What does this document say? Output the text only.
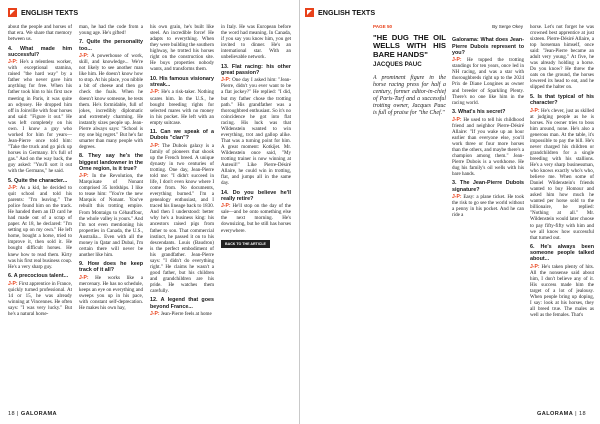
ENGLISH TEXTS

about the people and horses of that era. We share that memory between us.

4. What made him successful?

J-P: He's a relentless worker, with exceptional stamina, raised "the hard way" by a father who never gave him anything for free. When his father took him to his first race meeting in Paris, it was quite an odyssey. He dropped him off in Joinville with four horses and said: "Figure it out." He was left completely on his own. I know a guy who worked for him for years—Jean-Pierre once told him: "Take the truck and go pick up horses in Germany. It's full of gas." And on the way back, the guy asked: "You'll sort it out with the Germans," he said.

5. Quite the character...

J-P: As a kid, he decided to quit school and told his parents: "I'm leaving." The police found him on the track. He handed them an ID card he had made out of a scrap of paper. At 18, he declared: "I'm setting up on my own." He left home, bought a horse, tried to improve it, then sold it. He bought difficult horses. He knew how to read them. Kirty was his first real business coup. He's a very sharp guy.

6. A precocious talent...

J-P: First apprentice in France, quickly turned professional. At 14 or 15, he was already winning at Vincennes. He often says: "I was very lucky." But he's a natural horse-

man, he had the code from a young age. He's gifted!

7. Quite the personality too...

J-P: A powerhouse of work, skill, and knowledge... We're not likely to see another man like him. He doesn't know how to stop. At his place, you nibble a bit of cheese and then go check the foals. When he doesn't know someone, he tests them. He's formidable, full of jokes, incredibly diplomatic and extremely charming. He instantly sizes people up. Jean-Pierre always says: "School is my one big regret." But he's far smarter than many people with degrees.

8. They say he's the biggest landowner in the Orne region, is it true?

J-P: In the Revolution, the Marquisate of Nonant comprised 35 lordships. I like to tease him: "You're the new Marquis of Nonant. You've rebuilt this trotting empire. From Montaigu to Céhauffour, the whole valley is yours." And I'm not even mentioning his properties in Canada, the U.S., Australia... Even with all the money in Qatar and Dubai, I'm certain there will never be another like him.

9. How does he keep track of it all?

J-P: He works like a mercenary. He has no schedule, keeps an eye on everything and sweeps you up in his pace, with constant self-deprecation. He makes his own hay,

his own grain, he's built like steel. An incredible force! He adapts to everything. When they were building the southern highway, he trotted his horses right on the construction site. He buys properties nobody wants, and transforms them.

10. His famous visionary streak...

J-P: He's a risk-taker. Nothing scares him. In the U.S., he bought breeding rights for selected mares with no money in his pocket. He left with an empty suitcase.

11. Can we speak of a Dubois "clan"?

J-P: The Dubois galaxy is a family of pioneers that shook up the French breed. A unique dynasty in two centuries of trotting. One day, Jean-Pierre told me: "I didn't succeed in life, I don't even know where I come from. No documents, everything burned." I'm a genealogy enthusiast, and I traced his lineage back to 1830. And then I understood: better why he's a business king: his ancestors raised pigs from father to son. That commercial instinct, he passed it on to his descendants. Louis (Baudron) is the perfect embodiment of his grandfather. Jean-Pierre says: "I didn't do everything right." He claims he wasn't a good father, but his children and grandchildren are his pride. He watches them carefully.

12. A legend that goes beyond France...

J-P: Jean-Pierre feels at home

in Italy. He was European before the word had meaning. In Canada, if you say you know him, you get invited to dinner. He's an international star. With an unbelievable network.

13. Flat racing: his other great passion?

J-P: One day I asked him: "Jean-Pierre, didn't you ever want to be a flat jockey?" He replied: "I did, but my father chose the trotting path." His grandfather was a thoroughbred enthusiast. So it's no coincidence he got into flat racing. His luck was that Wildenstein wanted to win everything, trot and gallop alike. That was a turning point for him. A great moment: Kotkijet. Mr. Wildenstein once said, "My trotting trainer is now winning at Auteuil!" Like Pierre-Désiré Allaire, he could win in trotting, flat, and jumps all in the same day.

14. Do you believe he'll really retire?

J-P: He'll stop on the day of the sale—and be onto something else the next morning. He's downsizing, but he still has horses everywhere.

BACK TO THE ARTICLE
18 | GALORAMA
ENGLISH TEXTS
PAGE 50	By Serge Okey
"HE DUG THE OIL WELLS WITH HIS BARE HANDS"
JACQUES PAUC

A prominent figure in the horse racing press for half a century, former editor-in-chief of Paris-Turf and a successful trotting owner, Jacques Pauc is full of praise for "the Chef."

Galorama: What does Jean-Pierre Dubois represent to you?

J-P: He topped the trotting standings for ten years, once led in NH racing, and was a star with thoroughbreds right up to the 2024 Prix de Diane Longines as owner and breeder of Sparkling Plenty. There's no one like him in the racing world.

3. What's his secret?

J-P: He used to tell his childhood friend and neighbor Pierre-Désiré Allaire: "If you wake up an hour earlier than everyone else, you'll work three or four more horses than the others, and maybe there's a champion among them." Jean-Pierre Dubois is a workhorse. He dug his family's oil wells with his bare hands.

3. The Jean-Pierre Dubois signature?

J-P: Easy: a plane ticket. He took the risk to go see the world without a penny in his pocket. And he can ride a

horse. Let's not forget he was crowned best apprentice at just sixteen. Pierre-Désiré Allaire, a top horseman himself, once said: "Jean-Pierre became an adult very young." At five, he was already holding a horse. Do you know? He threw the oats on the ground, the horses lowered its head to eat, and he slipped the halter on.

5. Is that typical of his character?

J-P: He's clever, just as skilled at judging people as he is horses. No owner tries to boss him around, none. He's also a generous man. At the table, it's impossible to pay the bill. He's never charged his children or grandchildren for a single breeding with his stallions. He's a very sharp businessman, who knows exactly who's who, believe me. When some of Daniel Wildenstein's friends wanted to buy Homour and asked him how much he wanted per horse sold to the billionaire, he replied: "Nothing at all." Mr. Wildenstein would later choose to pay fifty-fifty with him and we all know how successful that turned out.

6. He's always been someone people talked about...

J-P: He's taken plenty of hits. All the nonsense said about him, I don't believe any of it. His success made him the target of a lot of jealousy. When people bring up doping, I say: look at his horses, they all breed true. The males as well as the females. That's

GALORAMA | 18
